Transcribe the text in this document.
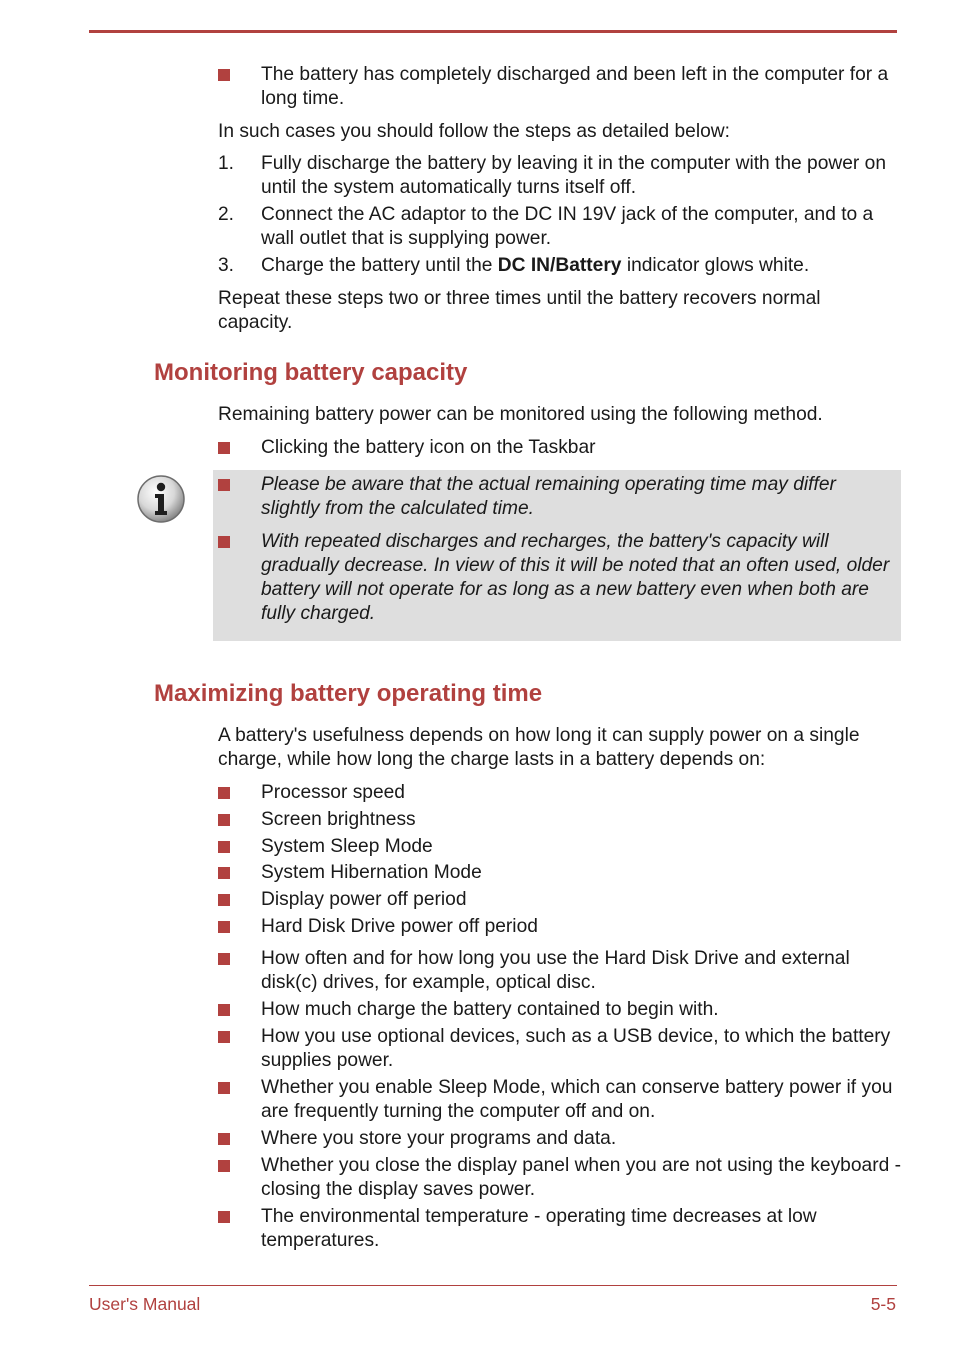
The battery has completely discharged and been left in the computer for a long time.
In such cases you should follow the steps as detailed below:
1.	Fully discharge the battery by leaving it in the computer with the power on until the system automatically turns itself off.
2.	Connect the AC adaptor to the DC IN 19V jack of the computer, and to a wall outlet that is supplying power.
3.	Charge the battery until the DC IN/Battery indicator glows white.
Repeat these steps two or three times until the battery recovers normal capacity.
Monitoring battery capacity
Remaining battery power can be monitored using the following method.
Clicking the battery icon on the Taskbar
Please be aware that the actual remaining operating time may differ slightly from the calculated time.
With repeated discharges and recharges, the battery's capacity will gradually decrease. In view of this it will be noted that an often used, older battery will not operate for as long as a new battery even when both are fully charged.
Maximizing battery operating time
A battery's usefulness depends on how long it can supply power on a single charge, while how long the charge lasts in a battery depends on:
Processor speed
Screen brightness
System Sleep Mode
System Hibernation Mode
Display power off period
Hard Disk Drive power off period
How often and for how long you use the Hard Disk Drive and external disk(c) drives, for example, optical disc.
How much charge the battery contained to begin with.
How you use optional devices, such as a USB device, to which the battery supplies power.
Whether you enable Sleep Mode, which can conserve battery power if you are frequently turning the computer off and on.
Where you store your programs and data.
Whether you close the display panel when you are not using the keyboard - closing the display saves power.
The environmental temperature - operating time decreases at low temperatures.
User's Manual	5-5
